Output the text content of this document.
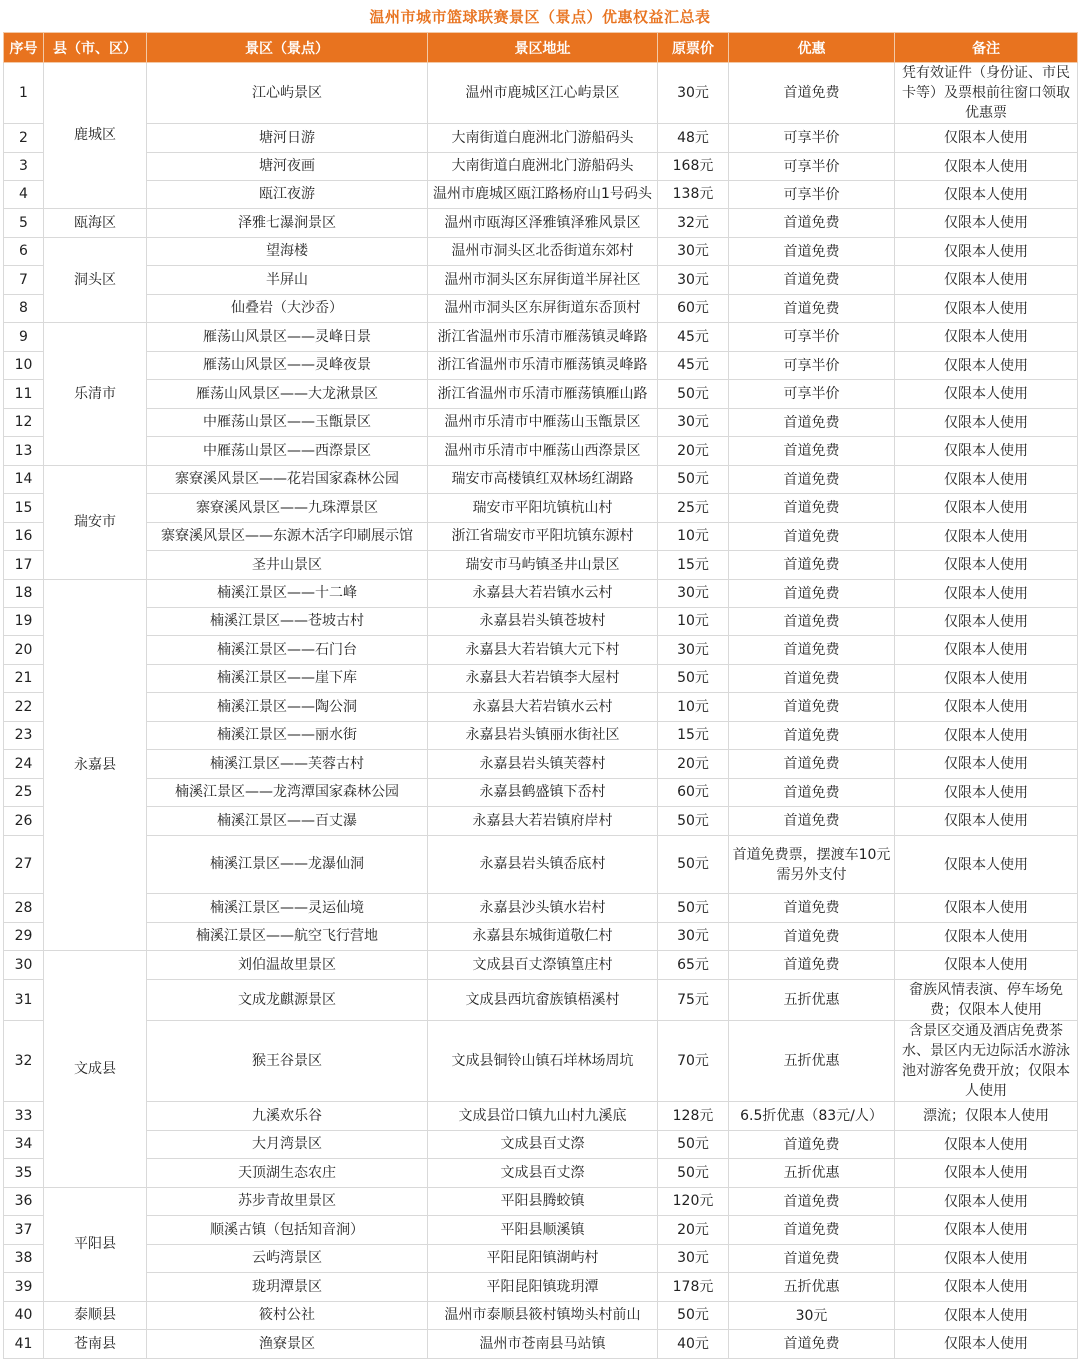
温州市城市篮球联赛景区（景点）优惠权益汇总表
序号	县（市、区）	景区（景点）	景区地址	原票价	优惠	备注
1	鹿城区	江心屿景区	温州市鹿城区江心屿景区	30元	首道免费	凭有效证件（身份证、市民卡等）及票根前往窗口领取优惠票
2		塘河日游	大南街道白鹿洲北门游船码头	48元	可享半价	仅限本人使用
3		塘河夜画	大南街道白鹿洲北门游船码头	168元	可享半价	仅限本人使用
4		瓯江夜游	温州市鹿城区瓯江路杨府山1号码头	138元	可享半价	仅限本人使用
5	瓯海区	泽雅七瀑涧景区	温州市瓯海区泽雅镇泽雅风景区	32元	首道免费	仅限本人使用
6	洞头区	望海楼	温州市洞头区北岙街道东郊村	30元	首道免费	仅限本人使用
7		半屏山	温州市洞头区东屏街道半屏社区	30元	首道免费	仅限本人使用
8		仙叠岩（大沙岙）	温州市洞头区东屏街道东岙顶村	60元	首道免费	仅限本人使用
9	乐清市	雁荡山风景区——灵峰日景	浙江省温州市乐清市雁荡镇灵峰路	45元	可享半价	仅限本人使用
10		雁荡山风景区——灵峰夜景	浙江省温州市乐清市雁荡镇灵峰路	45元	可享半价	仅限本人使用
11		雁荡山风景区——大龙湫景区	浙江省温州市乐清市雁荡镇雁山路	50元	可享半价	仅限本人使用
12		中雁荡山景区——玉甑景区	温州市乐清市中雁荡山玉甑景区	30元	首道免费	仅限本人使用
13		中雁荡山景区——西漈景区	温州市乐清市中雁荡山西漈景区	20元	首道免费	仅限本人使用
14	瑞安市	寨寮溪风景区——花岩国家森林公园	瑞安市高楼镇红双林场红湖路	50元	首道免费	仅限本人使用
15		寨寮溪风景区——九珠潭景区	瑞安市平阳坑镇杭山村	25元	首道免费	仅限本人使用
16		寨寮溪风景区——东源木活字印刷展示馆	浙江省瑞安市平阳坑镇东源村	10元	首道免费	仅限本人使用
17		圣井山景区	瑞安市马屿镇圣井山景区	15元	首道免费	仅限本人使用
18	永嘉县	楠溪江景区——十二峰	永嘉县大若岩镇水云村	30元	首道免费	仅限本人使用
19		楠溪江景区——苍坡古村	永嘉县岩头镇苍坡村	10元	首道免费	仅限本人使用
20		楠溪江景区——石门台	永嘉县大若岩镇大元下村	30元	首道免费	仅限本人使用
21		楠溪江景区——崖下库	永嘉县大若岩镇李大屋村	50元	首道免费	仅限本人使用
22		楠溪江景区——陶公洞	永嘉县大若岩镇水云村	10元	首道免费	仅限本人使用
23		楠溪江景区——丽水街	永嘉县岩头镇丽水街社区	15元	首道免费	仅限本人使用
24		楠溪江景区——芙蓉古村	永嘉县岩头镇芙蓉村	20元	首道免费	仅限本人使用
25		楠溪江景区——龙湾潭国家森林公园	永嘉县鹤盛镇下岙村	60元	首道免费	仅限本人使用
26		楠溪江景区——百丈瀑	永嘉县大若岩镇府岸村	50元	首道免费	仅限本人使用
27		楠溪江景区——龙瀑仙洞	永嘉县岩头镇岙底村	50元	首道免费票，摆渡车10元需另外支付	仅限本人使用
28		楠溪江景区——灵运仙境	永嘉县沙头镇水岩村	50元	首道免费	仅限本人使用
29		楠溪江景区——航空飞行营地	永嘉县东城街道敬仁村	30元	首道免费	仅限本人使用
30	文成县	刘伯温故里景区	文成县百丈漈镇篁庄村	65元	首道免费	仅限本人使用
31		文成龙麒源景区	文成县西坑畲族镇梧溪村	75元	五折优惠	畲族风情表演、停车场免费；仅限本人使用
32		猴王谷景区	文成县铜铃山镇石垟林场周坑	70元	五折优惠	含景区交通及酒店免费茶水、景区内无边际活水游泳池对游客免费开放；仅限本人使用
33		九溪欢乐谷	文成县峃口镇九山村九溪底	128元	6.5折优惠（83元/人）	漂流；仅限本人使用
34		大月湾景区	文成县百丈漈	50元	首道免费	仅限本人使用
35		天顶湖生态农庄	文成县百丈漈	50元	五折优惠	仅限本人使用
36	平阳县	苏步青故里景区	平阳县腾蛟镇	120元	首道免费	仅限本人使用
37		顺溪古镇（包括知音涧）	平阳县顺溪镇	20元	首道免费	仅限本人使用
38		云屿湾景区	平阳昆阳镇湖屿村	30元	首道免费	仅限本人使用
39		珑玥潭景区	平阳昆阳镇珑玥潭	178元	五折优惠	仅限本人使用
40	泰顺县	筱村公社	温州市泰顺县筱村镇坳头村前山	50元	30元	仅限本人使用
41	苍南县	渔寮景区	温州市苍南县马站镇	40元	首道免费	仅限本人使用
